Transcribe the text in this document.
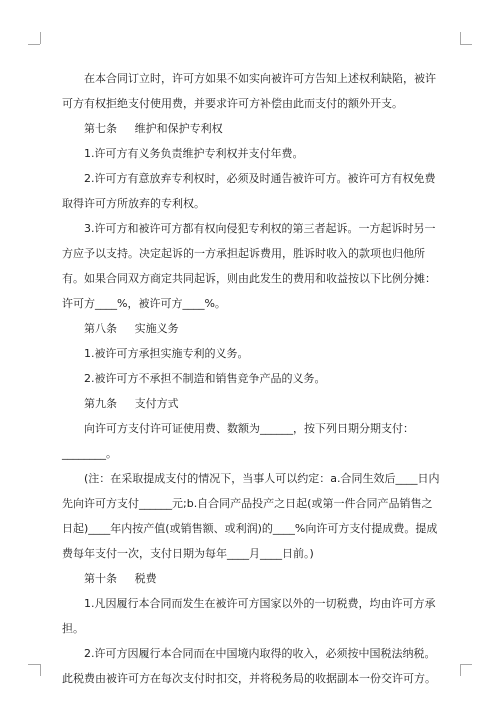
在本合同订立时，许可方如果不如实向被许可方告知上述权利缺陷，被许可方有权拒绝支付使用费，并要求许可方补偿由此而支付的额外开支。

第七条 维护和保护专利权

1.许可方有义务负责维护专利权并支付年费。

2.许可方有意放弃专利权时，必须及时通告被许可方。被许可方有权免费取得许可方所放弃的专利权。

3.许可方和被许可方都有权向侵犯专利权的第三者起诉。一方起诉时另一方应予以支持。决定起诉的一方承担起诉费用，胜诉时收入的款项也归他所有。如果合同双方商定共同起诉，则由此发生的费用和收益按以下比例分摊：许可方____%，被许可方____%。

第八条 实施义务

1.被许可方承担实施专利的义务。

2.被许可方不承担不制造和销售竞争产品的义务。

第九条 支付方式

向许可方支付许可证使用费、数额为______，按下列日期分期支付：________。

(注：在采取提成支付的情况下，当事人可以约定：a.合同生效后____日内先向许可方支付______元;b.自合同产品投产之日起(或第一件合同产品销售之日起)____年内按产值(或销售额、或利润)的____%向许可方支付提成费。提成费每年支付一次，支付日期为每年____月____日前。)

第十条 税费

1.凡因履行本合同而发生在被许可方国家以外的一切税费，均由许可方承担。

2.许可方因履行本合同而在中国境内取得的收入，必须按中国税法纳税。此税费由被许可方在每次支付时扣交，并将税务局的收据副本一份交许可方。
